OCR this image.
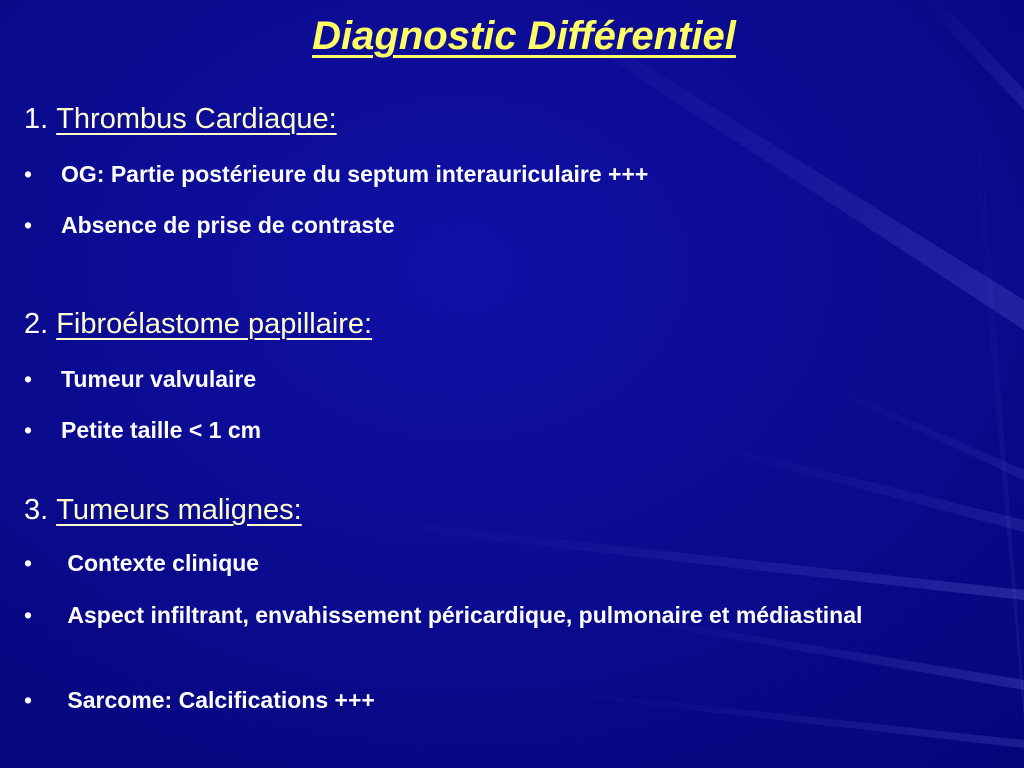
Diagnostic Différentiel
1. Thrombus Cardiaque:
•	OG: Partie postérieure du septum interauriculaire +++
•	Absence de prise de contraste
2. Fibroélastome papillaire:
•	Tumeur valvulaire
•	Petite taille < 1 cm
3. Tumeurs malignes:
•	Contexte clinique
•	Aspect infiltrant, envahissement péricardique, pulmonaire et médiastinal
•	Sarcome: Calcifications +++
